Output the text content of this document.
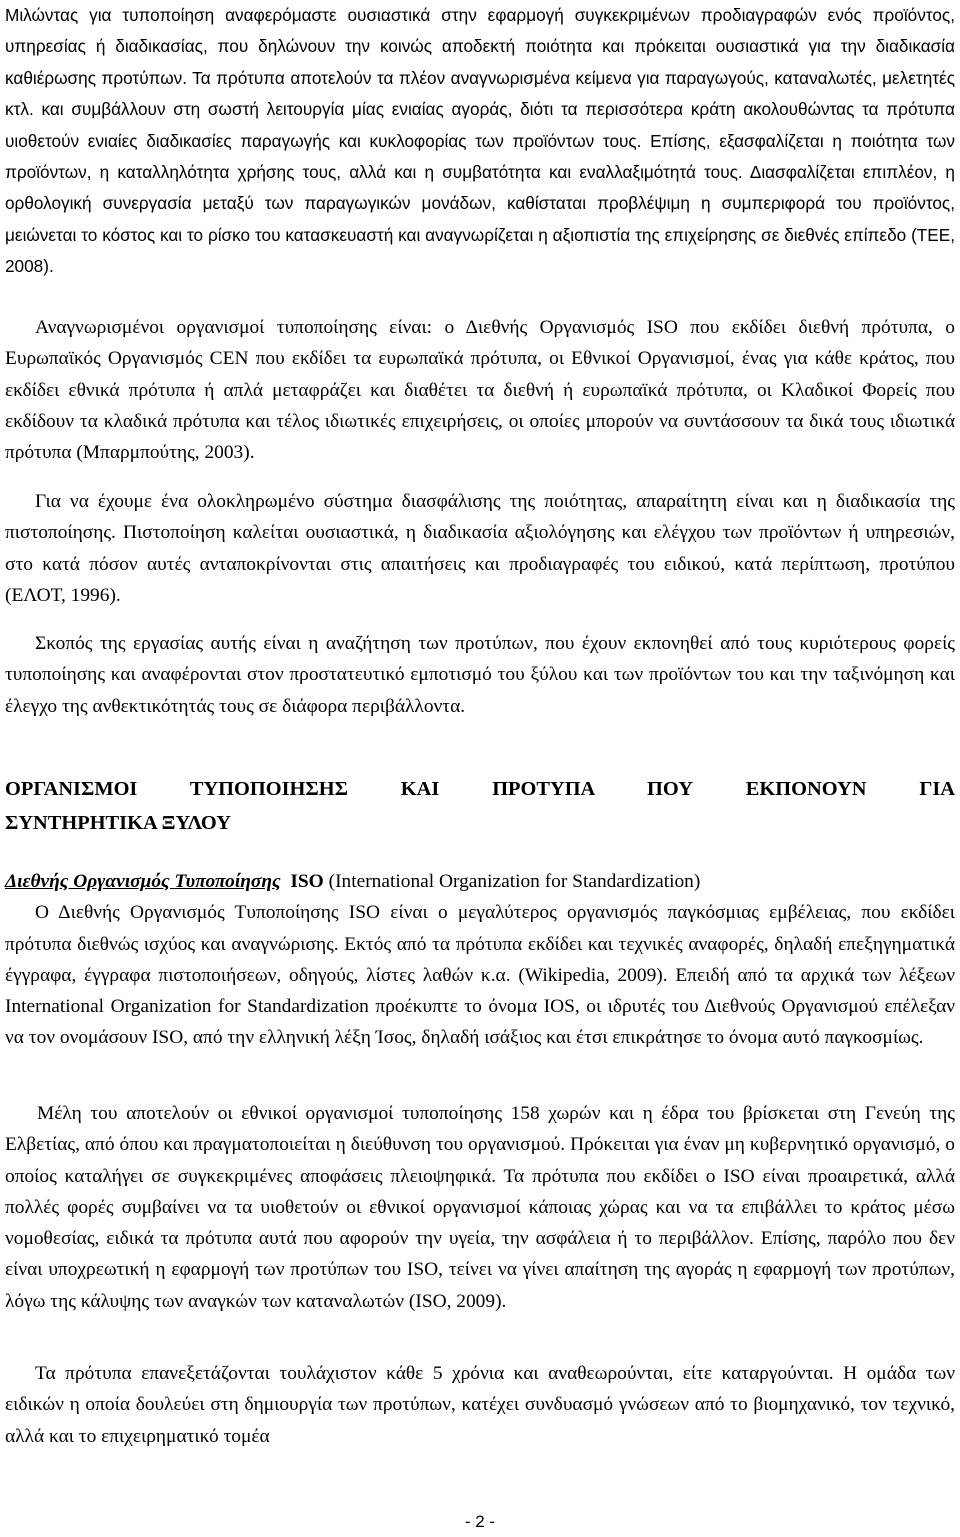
Μιλώντας για τυποποίηση αναφερόμαστε ουσιαστικά στην εφαρμογή συγκεκριμένων προδιαγραφών ενός προϊόντος, υπηρεσίας ή διαδικασίας, που δηλώνουν την κοινώς αποδεκτή ποιότητα και πρόκειται ουσιαστικά για την διαδικασία καθιέρωσης προτύπων. Τα πρότυπα αποτελούν τα πλέον αναγνωρισμένα κείμενα για παραγωγούς, καταναλωτές, μελετητές κτλ. και συμβάλλουν στη σωστή λειτουργία μίας ενιαίας αγοράς, διότι τα περισσότερα κράτη ακολουθώντας τα πρότυπα υιοθετούν ενιαίες διαδικασίες παραγωγής και κυκλοφορίας των προϊόντων τους. Επίσης, εξασφαλίζεται η ποιότητα των προϊόντων, η καταλληλότητα χρήσης τους, αλλά και η συμβατότητα και εναλλαξιμότητά τους. Διασφαλίζεται επιπλέον, η ορθολογική συνεργασία μεταξύ των παραγωγικών μονάδων, καθίσταται προβλέψιμη η συμπεριφορά του προϊόντος, μειώνεται το κόστος και το ρίσκο του κατασκευαστή και αναγνωρίζεται η αξιοπιστία της επιχείρησης σε διεθνές επίπεδο (ΤΕΕ, 2008).

Αναγνωρισμένοι οργανισμοί τυποποίησης είναι: ο Διεθνής Οργανισμός ISO που εκδίδει διεθνή πρότυπα, ο Ευρωπαϊκός Οργανισμός CEN που εκδίδει τα ευρωπαϊκά πρότυπα, οι Εθνικοί Οργανισμοί, ένας για κάθε κράτος, που εκδίδει εθνικά πρότυπα ή απλά μεταφράζει και διαθέτει τα διεθνή ή ευρωπαϊκά πρότυπα, οι Κλαδικοί Φορείς που εκδίδουν τα κλαδικά πρότυπα και τέλος ιδιωτικές επιχειρήσεις, οι οποίες μπορούν να συντάσσουν τα δικά τους ιδιωτικά πρότυπα (Μπαρμπούτης, 2003).

Για να έχουμε ένα ολοκληρωμένο σύστημα διασφάλισης της ποιότητας, απαραίτητη είναι και η διαδικασία της πιστοποίησης. Πιστοποίηση καλείται ουσιαστικά, η διαδικασία αξιολόγησης και ελέγχου των προϊόντων ή υπηρεσιών, στο κατά πόσον αυτές ανταποκρίνονται στις απαιτήσεις και προδιαγραφές του ειδικού, κατά περίπτωση, προτύπου (ΕΛΟΤ, 1996).

Σκοπός της εργασίας αυτής είναι η αναζήτηση των προτύπων, που έχουν εκπονηθεί από τους κυριότερους φορείς τυποποίησης και αναφέρονται στον προστατευτικό εμποτισμό του ξύλου και των προϊόντων του και την ταξινόμηση και έλεγχο της ανθεκτικότητάς τους σε διάφορα περιβάλλοντα.

ΟΡΓΑΝΙΣΜΟΙ ΤΥΠΟΠΟΙΗΣΗΣ ΚΑΙ ΠΡΟΤΥΠΑ ΠΟΥ ΕΚΠΟΝΟΥΝ ΓΙΑ
ΣΥΝΤΗΡΗΤΙΚΑ ΞΥΛΟΥ

Διεθνής Οργανισμός Τυποποίησης ISO (International Organization for Standardization)

Ο Διεθνής Οργανισμός Τυποποίησης ISO είναι ο μεγαλύτερος οργανισμός παγκόσμιας εμβέλειας, που εκδίδει πρότυπα διεθνώς ισχύος και αναγνώρισης. Εκτός από τα πρότυπα εκδίδει και τεχνικές αναφορές, δηλαδή επεξηγηματικά έγγραφα, έγγραφα πιστοποιήσεων, οδηγούς, λίστες λαθών κ.α. (Wikipedia, 2009). Επειδή από τα αρχικά των λέξεων International Organization for Standardization προέκυπτε το όνομα IOS, οι ιδρυτές του Διεθνούς Οργανισμού επέλεξαν να τον ονομάσουν ISO, από την ελληνική λέξη Ίσος, δηλαδή ισάξιος και έτσι επικράτησε το όνομα αυτό παγκοσμίως.

Μέλη του αποτελούν οι εθνικοί οργανισμοί τυποποίησης 158 χωρών και η έδρα του βρίσκεται στη Γενεύη της Ελβετίας, από όπου και πραγματοποιείται η διεύθυνση του οργανισμού. Πρόκειται για έναν μη κυβερνητικό οργανισμό, ο οποίος καταλήγει σε συγκεκριμένες αποφάσεις πλειοψηφικά. Τα πρότυπα που εκδίδει ο ISO είναι προαιρετικά, αλλά πολλές φορές συμβαίνει να τα υιοθετούν οι εθνικοί οργανισμοί κάποιας χώρας και να τα επιβάλλει το κράτος μέσω νομοθεσίας, ειδικά τα πρότυπα αυτά που αφορούν την υγεία, την ασφάλεια ή το περιβάλλον. Επίσης, παρόλο που δεν είναι υποχρεωτική η εφαρμογή των προτύπων του ISO, τείνει να γίνει απαίτηση της αγοράς η εφαρμογή των προτύπων, λόγω της κάλυψης των αναγκών των καταναλωτών (ISO, 2009).

Τα πρότυπα επανεξετάζονται τουλάχιστον κάθε 5 χρόνια και αναθεωρούνται, είτε καταργούνται. Η ομάδα των ειδικών η οποία δουλεύει στη δημιουργία των προτύπων, κατέχει συνδυασμό γνώσεων από το βιομηχανικό, τον τεχνικό, αλλά και το επιχειρηματικό τομέα

- 2 -
